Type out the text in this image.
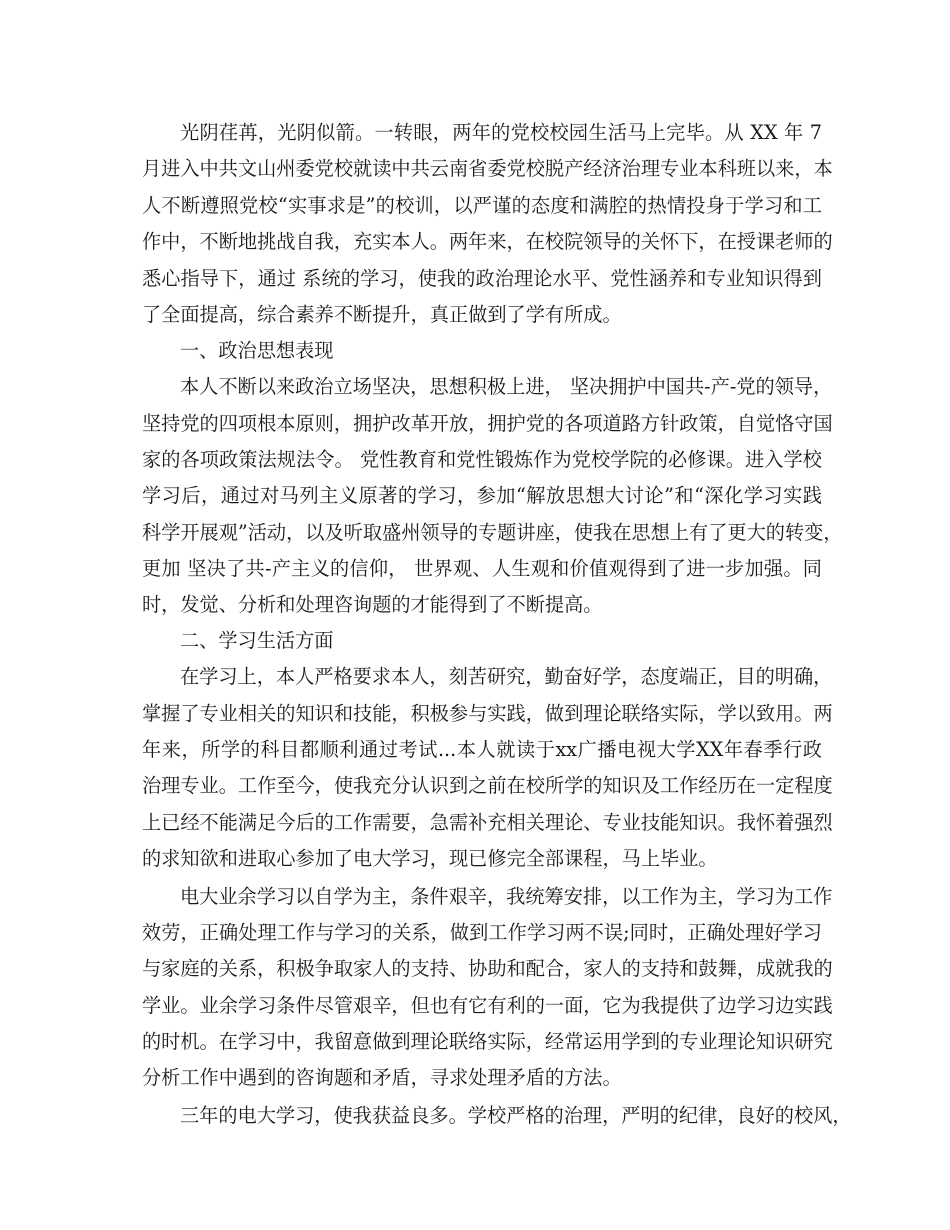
光阴荏苒，光阴似箭。一转眼，两年的党校校园生活马上完毕。从 XX 年 7
月进入中共文山州委党校就读中共云南省委党校脱产经济治理专业本科班以来，本
人不断遵照党校“实事求是”的校训，以严谨的态度和满腔的热情投身于学习和工
作中，不断地挑战自我，充实本人。两年来，在校院领导的关怀下，在授课老师的
悉心指导下，通过 系统的学习，使我的政治理论水平、党性涵养和专业知识得到
了全面提高，综合素养不断提升，真正做到了学有所成。
一、政治思想表现
本人不断以来政治立场坚决，思想积极上进， 坚决拥护中国共-产-党的领导，
坚持党的四项根本原则，拥护改革开放，拥护党的各项道路方针政策，自觉恪守国
家的各项政策法规法令。 党性教育和党性锻炼作为党校学院的必修课。进入学校
学习后，通过对马列主义原著的学习，参加“解放思想大讨论”和“深化学习实践
科学开展观”活动，以及听取盛州领导的专题讲座，使我在思想上有了更大的转变，
更加 坚决了共-产主义的信仰， 世界观、人生观和价值观得到了进一步加强。同
时，发觉、分析和处理咨询题的才能得到了不断提高。
二、学习生活方面
在学习上，本人严格要求本人，刻苦研究，勤奋好学，态度端正，目的明确，
掌握了专业相关的知识和技能，积极参与实践，做到理论联络实际，学以致用。两
年来，所学的科目都顺利通过考试...本人就读于xx广播电视大学XX年春季行政
治理专业。工作至今，使我充分认识到之前在校所学的知识及工作经历在一定程度
上已经不能满足今后的工作需要，急需补充相关理论、专业技能知识。我怀着强烈
的求知欲和进取心参加了电大学习，现已修完全部课程，马上毕业。
电大业余学习以自学为主，条件艰辛，我统筹安排，以工作为主，学习为工作
效劳，正确处理工作与学习的关系，做到工作学习两不误;同时，正确处理好学习
与家庭的关系，积极争取家人的支持、协助和配合，家人的支持和鼓舞，成就我的
学业。业余学习条件尽管艰辛，但也有它有利的一面，它为我提供了边学习边实践
的时机。在学习中，我留意做到理论联络实际，经常运用学到的专业理论知识研究
分析工作中遇到的咨询题和矛盾，寻求处理矛盾的方法。
三年的电大学习，使我获益良多。学校严格的治理，严明的纪律，良好的校风，
